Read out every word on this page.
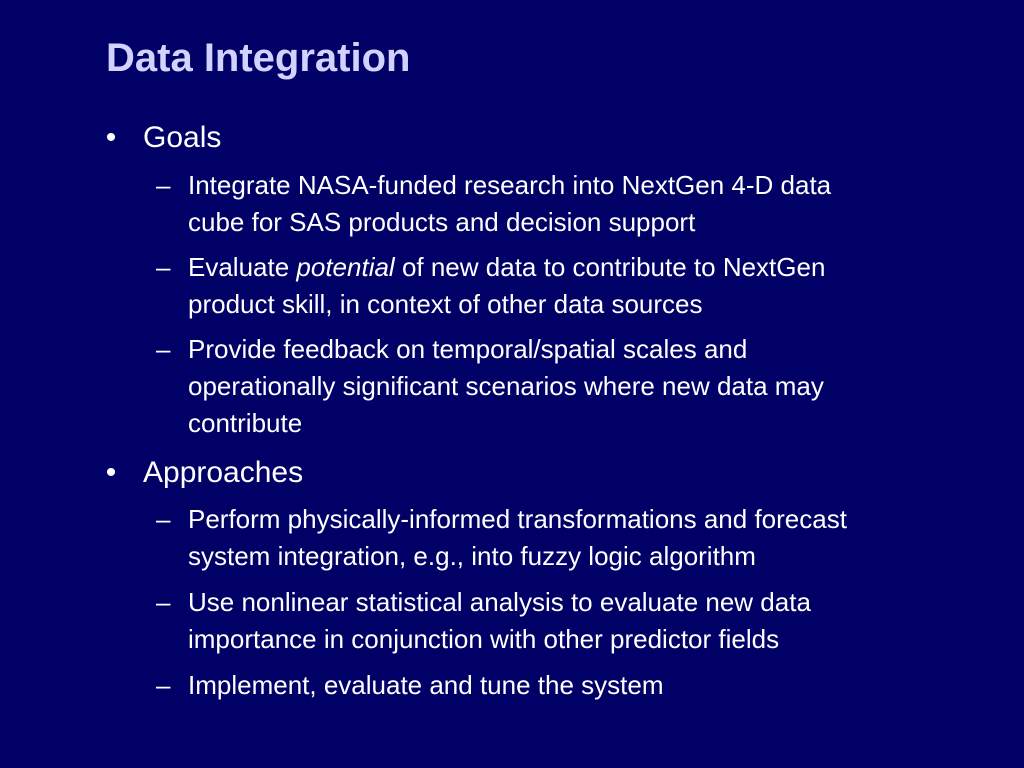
Data Integration
• Goals
– Integrate NASA-funded research into NextGen 4-D data
cube for SAS products and decision support
– Evaluate potential of new data to contribute to NextGen
product skill, in context of other data sources
– Provide feedback on temporal/spatial scales and
operationally significant scenarios where new data may
contribute
• Approaches
– Perform physically-informed transformations and forecast
system integration, e.g., into fuzzy logic algorithm
– Use nonlinear statistical analysis to evaluate new data
importance in conjunction with other predictor fields
– Implement, evaluate and tune the system
